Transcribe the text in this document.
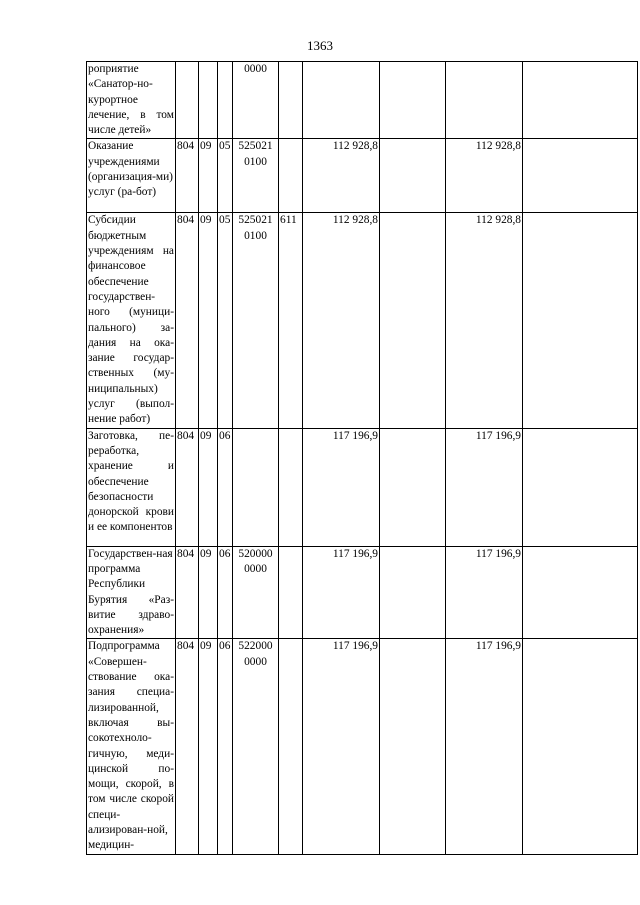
1363
роприятие «Санатор-но-курортное лечение, в том числе детей»				0000					

Оказание учреждениями (организация-ми) услуг (ра-бот)	804	09	05	525021 0100		112 928,8		112 928,8	

Субсидии бюджетным учреждениям на финансовое обеспечение государствен-ного (муници-пального) за-дания на ока-зание государ-ственных (му-ниципальных) услуг (выпол-нение работ)	804	09	05	525021 0100	611	112 928,8		112 928,8	

Заготовка, пе-реработка, хранение и обеспечение безопасности донорской крови и ее компонентов	804	09	06			117 196,9		117 196,9	

Государствен-ная программа Республики Бурятия «Раз-витие здраво-охранения»	804	09	06	520000 0000		117 196,9		117 196,9	

Подпрограмма «Совершен-ствование ока-зания специа-лизированной, включая вы-сокотехноло-гичную, меди-цинской по-мощи, скорой, в том числе скорой специ-ализирован-ной, медицин-	804	09	06	522000 0000		117 196,9		117 196,9	
